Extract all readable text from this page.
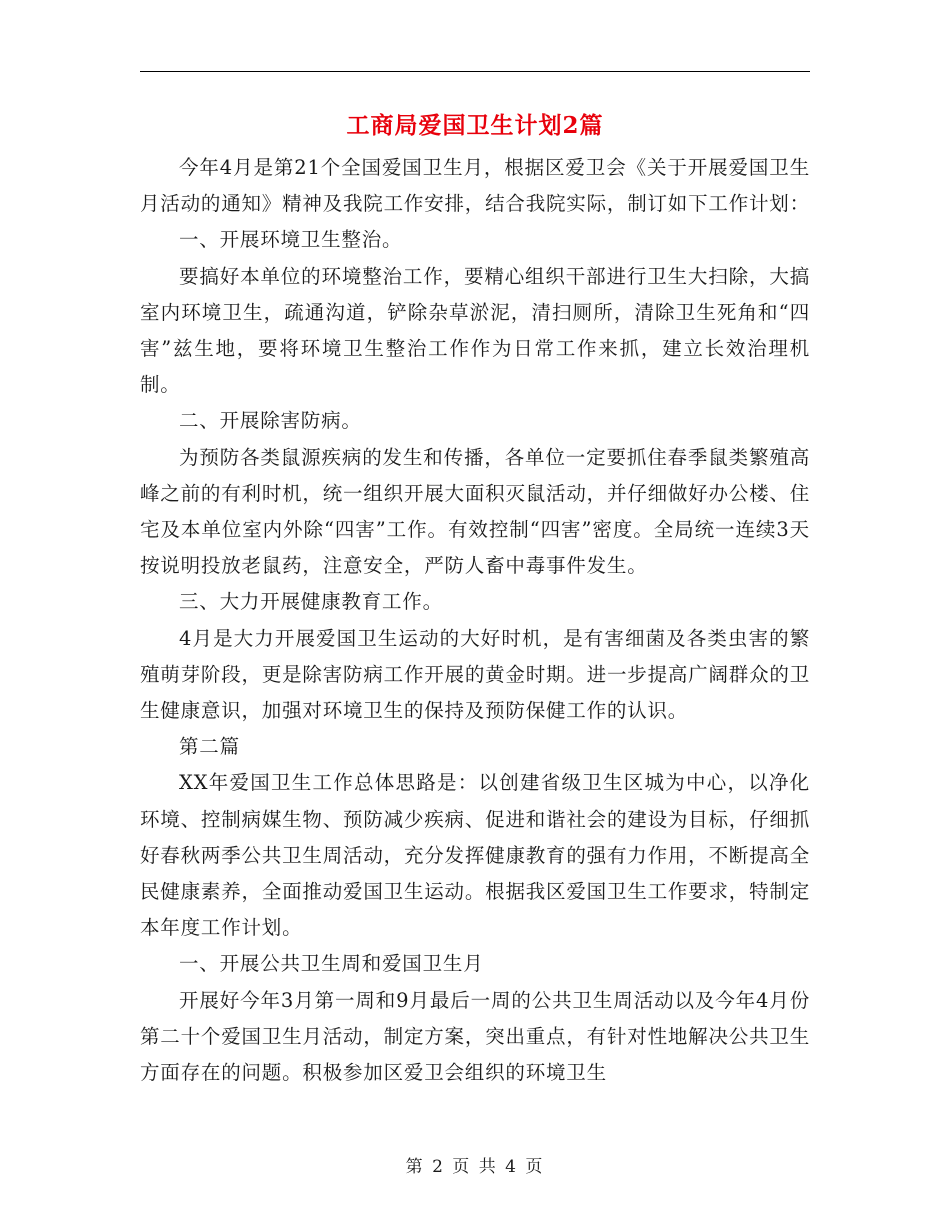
工商局爱国卫生计划2篇

今年4月是第21个全国爱国卫生月，根据区爱卫会《关于开展爱国卫生月活动的通知》精神及我院工作安排，结合我院实际，制订如下工作计划：

一、开展环境卫生整治。

要搞好本单位的环境整治工作，要精心组织干部进行卫生大扫除，大搞室内环境卫生，疏通沟道，铲除杂草淤泥，清扫厕所，清除卫生死角和“四害”兹生地，要将环境卫生整治工作作为日常工作来抓，建立长效治理机制。

二、开展除害防病。

为预防各类鼠源疾病的发生和传播，各单位一定要抓住春季鼠类繁殖高峰之前的有利时机，统一组织开展大面积灭鼠活动，并仔细做好办公楼、住宅及本单位室内外除“四害”工作。有效控制“四害”密度。全局统一连续3天按说明投放老鼠药，注意安全，严防人畜中毒事件发生。

三、大力开展健康教育工作。

4月是大力开展爱国卫生运动的大好时机，是有害细菌及各类虫害的繁殖萌芽阶段，更是除害防病工作开展的黄金时期。进一步提高广阔群众的卫生健康意识，加强对环境卫生的保持及预防保健工作的认识。

第二篇

XX年爱国卫生工作总体思路是：以创建省级卫生区城为中心，以净化环境、控制病媒生物、预防减少疾病、促进和谐社会的建设为目标，仔细抓好春秋两季公共卫生周活动，充分发挥健康教育的强有力作用，不断提高全民健康素养，全面推动爱国卫生运动。根据我区爱国卫生工作要求，特制定本年度工作计划。

一、开展公共卫生周和爱国卫生月

开展好今年3月第一周和9月最后一周的公共卫生周活动以及今年4月份第二十个爱国卫生月活动，制定方案，突出重点，有针对性地解决公共卫生方面存在的问题。积极参加区爱卫会组织的环境卫生

第 2 页 共 4 页
